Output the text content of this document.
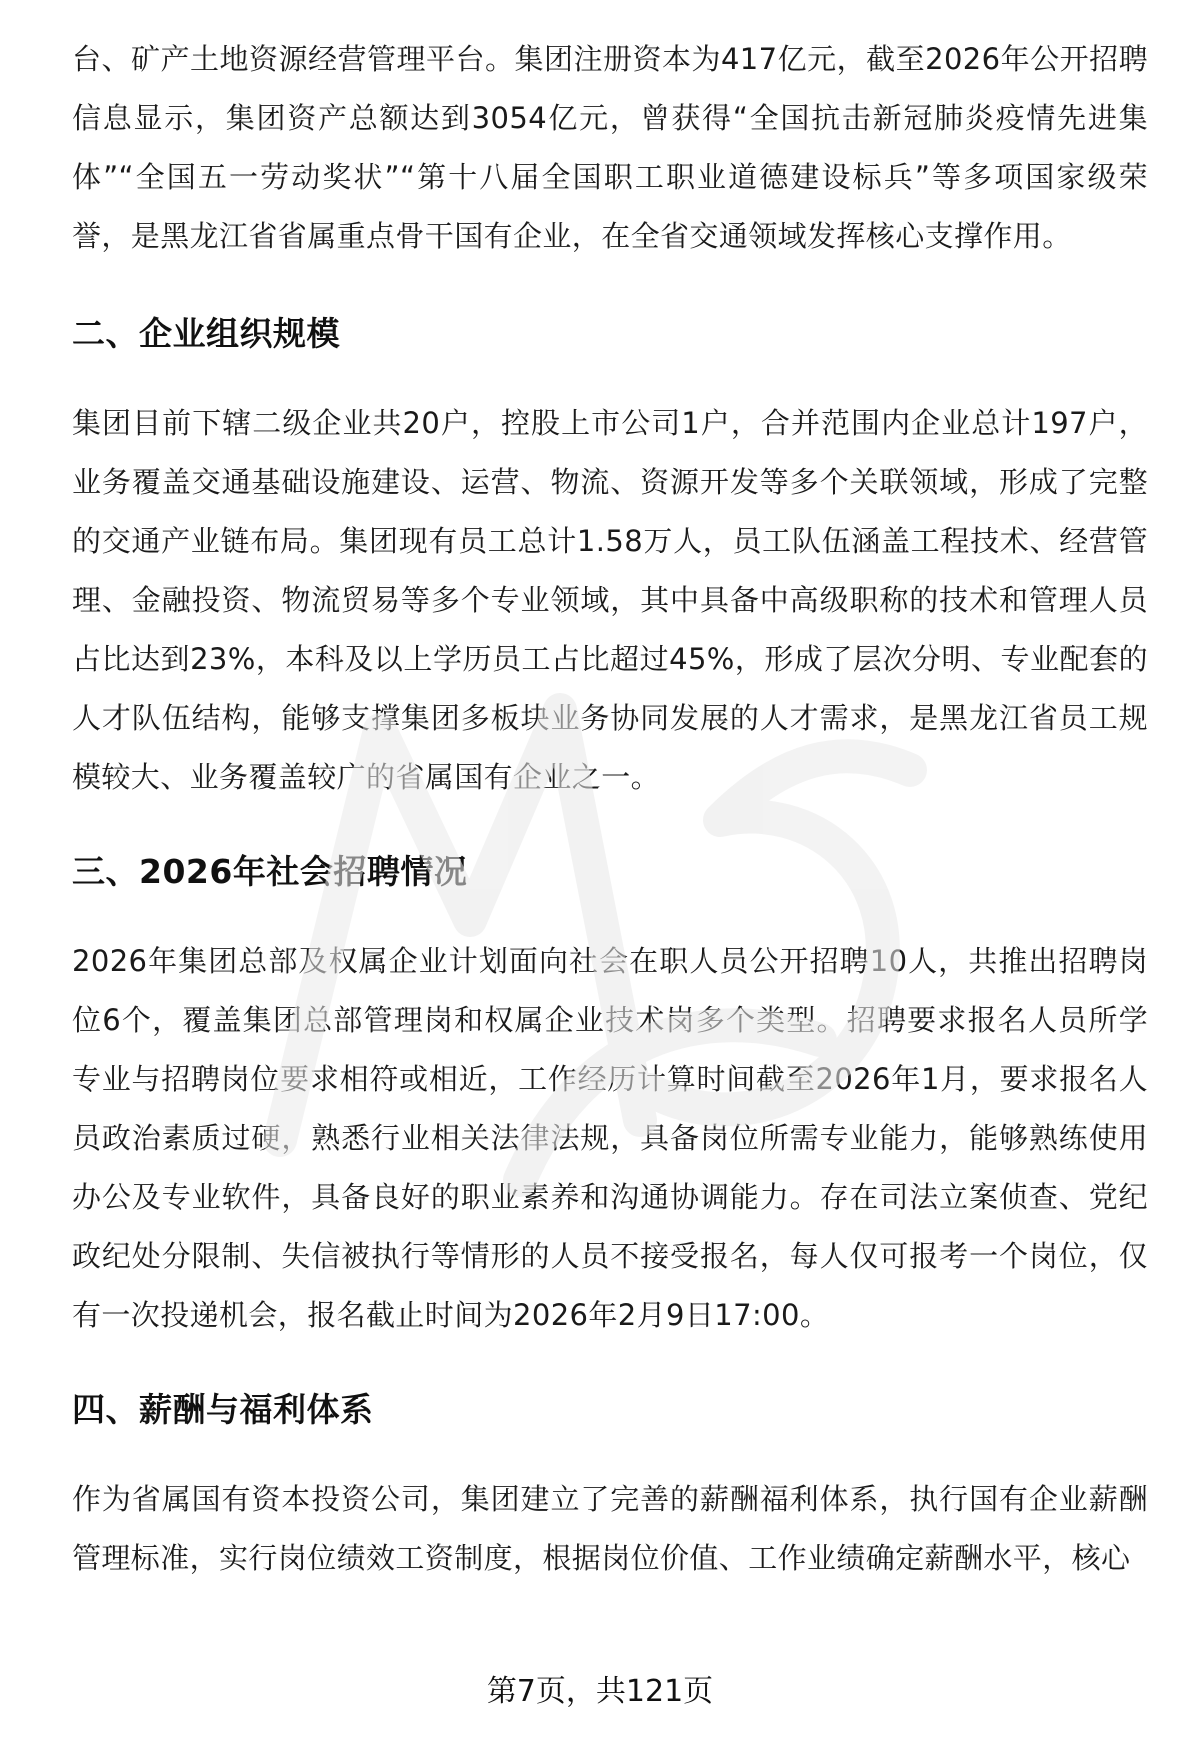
台、矿产土地资源经营管理平台。集团注册资本为417亿元，截至2026年公开招聘信息显示，集团资产总额达到3054亿元，曾获得“全国抗击新冠肺炎疫情先进集体”“全国五一劳动奖状”“第十八届全国职工职业道德建设标兵”等多项国家级荣誉，是黑龙江省省属重点骨干国有企业，在全省交通领域发挥核心支撑作用。

二、企业组织规模

集团目前下辖二级企业共20户，控股上市公司1户，合并范围内企业总计197户，业务覆盖交通基础设施建设、运营、物流、资源开发等多个关联领域，形成了完整的交通产业链布局。集团现有员工总计1.58万人，员工队伍涵盖工程技术、经营管理、金融投资、物流贸易等多个专业领域，其中具备中高级职称的技术和管理人员占比达到23%，本科及以上学历员工占比超过45%，形成了层次分明、专业配套的人才队伍结构，能够支撑集团多板块业务协同发展的人才需求，是黑龙江省员工规模较大、业务覆盖较广的省属国有企业之一。

三、2026年社会招聘情况

2026年集团总部及权属企业计划面向社会在职人员公开招聘10人，共推出招聘岗位6个，覆盖集团总部管理岗和权属企业技术岗多个类型。招聘要求报名人员所学专业与招聘岗位要求相符或相近，工作经历计算时间截至2026年1月，要求报名人员政治素质过硬，熟悉行业相关法律法规，具备岗位所需专业能力，能够熟练使用办公及专业软件，具备良好的职业素养和沟通协调能力。存在司法立案侦查、党纪政纪处分限制、失信被执行等情形的人员不接受报名，每人仅可报考一个岗位，仅有一次投递机会，报名截止时间为2026年2月9日17:00。

四、薪酬与福利体系

作为省属国有资本投资公司，集团建立了完善的薪酬福利体系，执行国有企业薪酬管理标准，实行岗位绩效工资制度，根据岗位价值、工作业绩确定薪酬水平，核心

第7页，共121页
